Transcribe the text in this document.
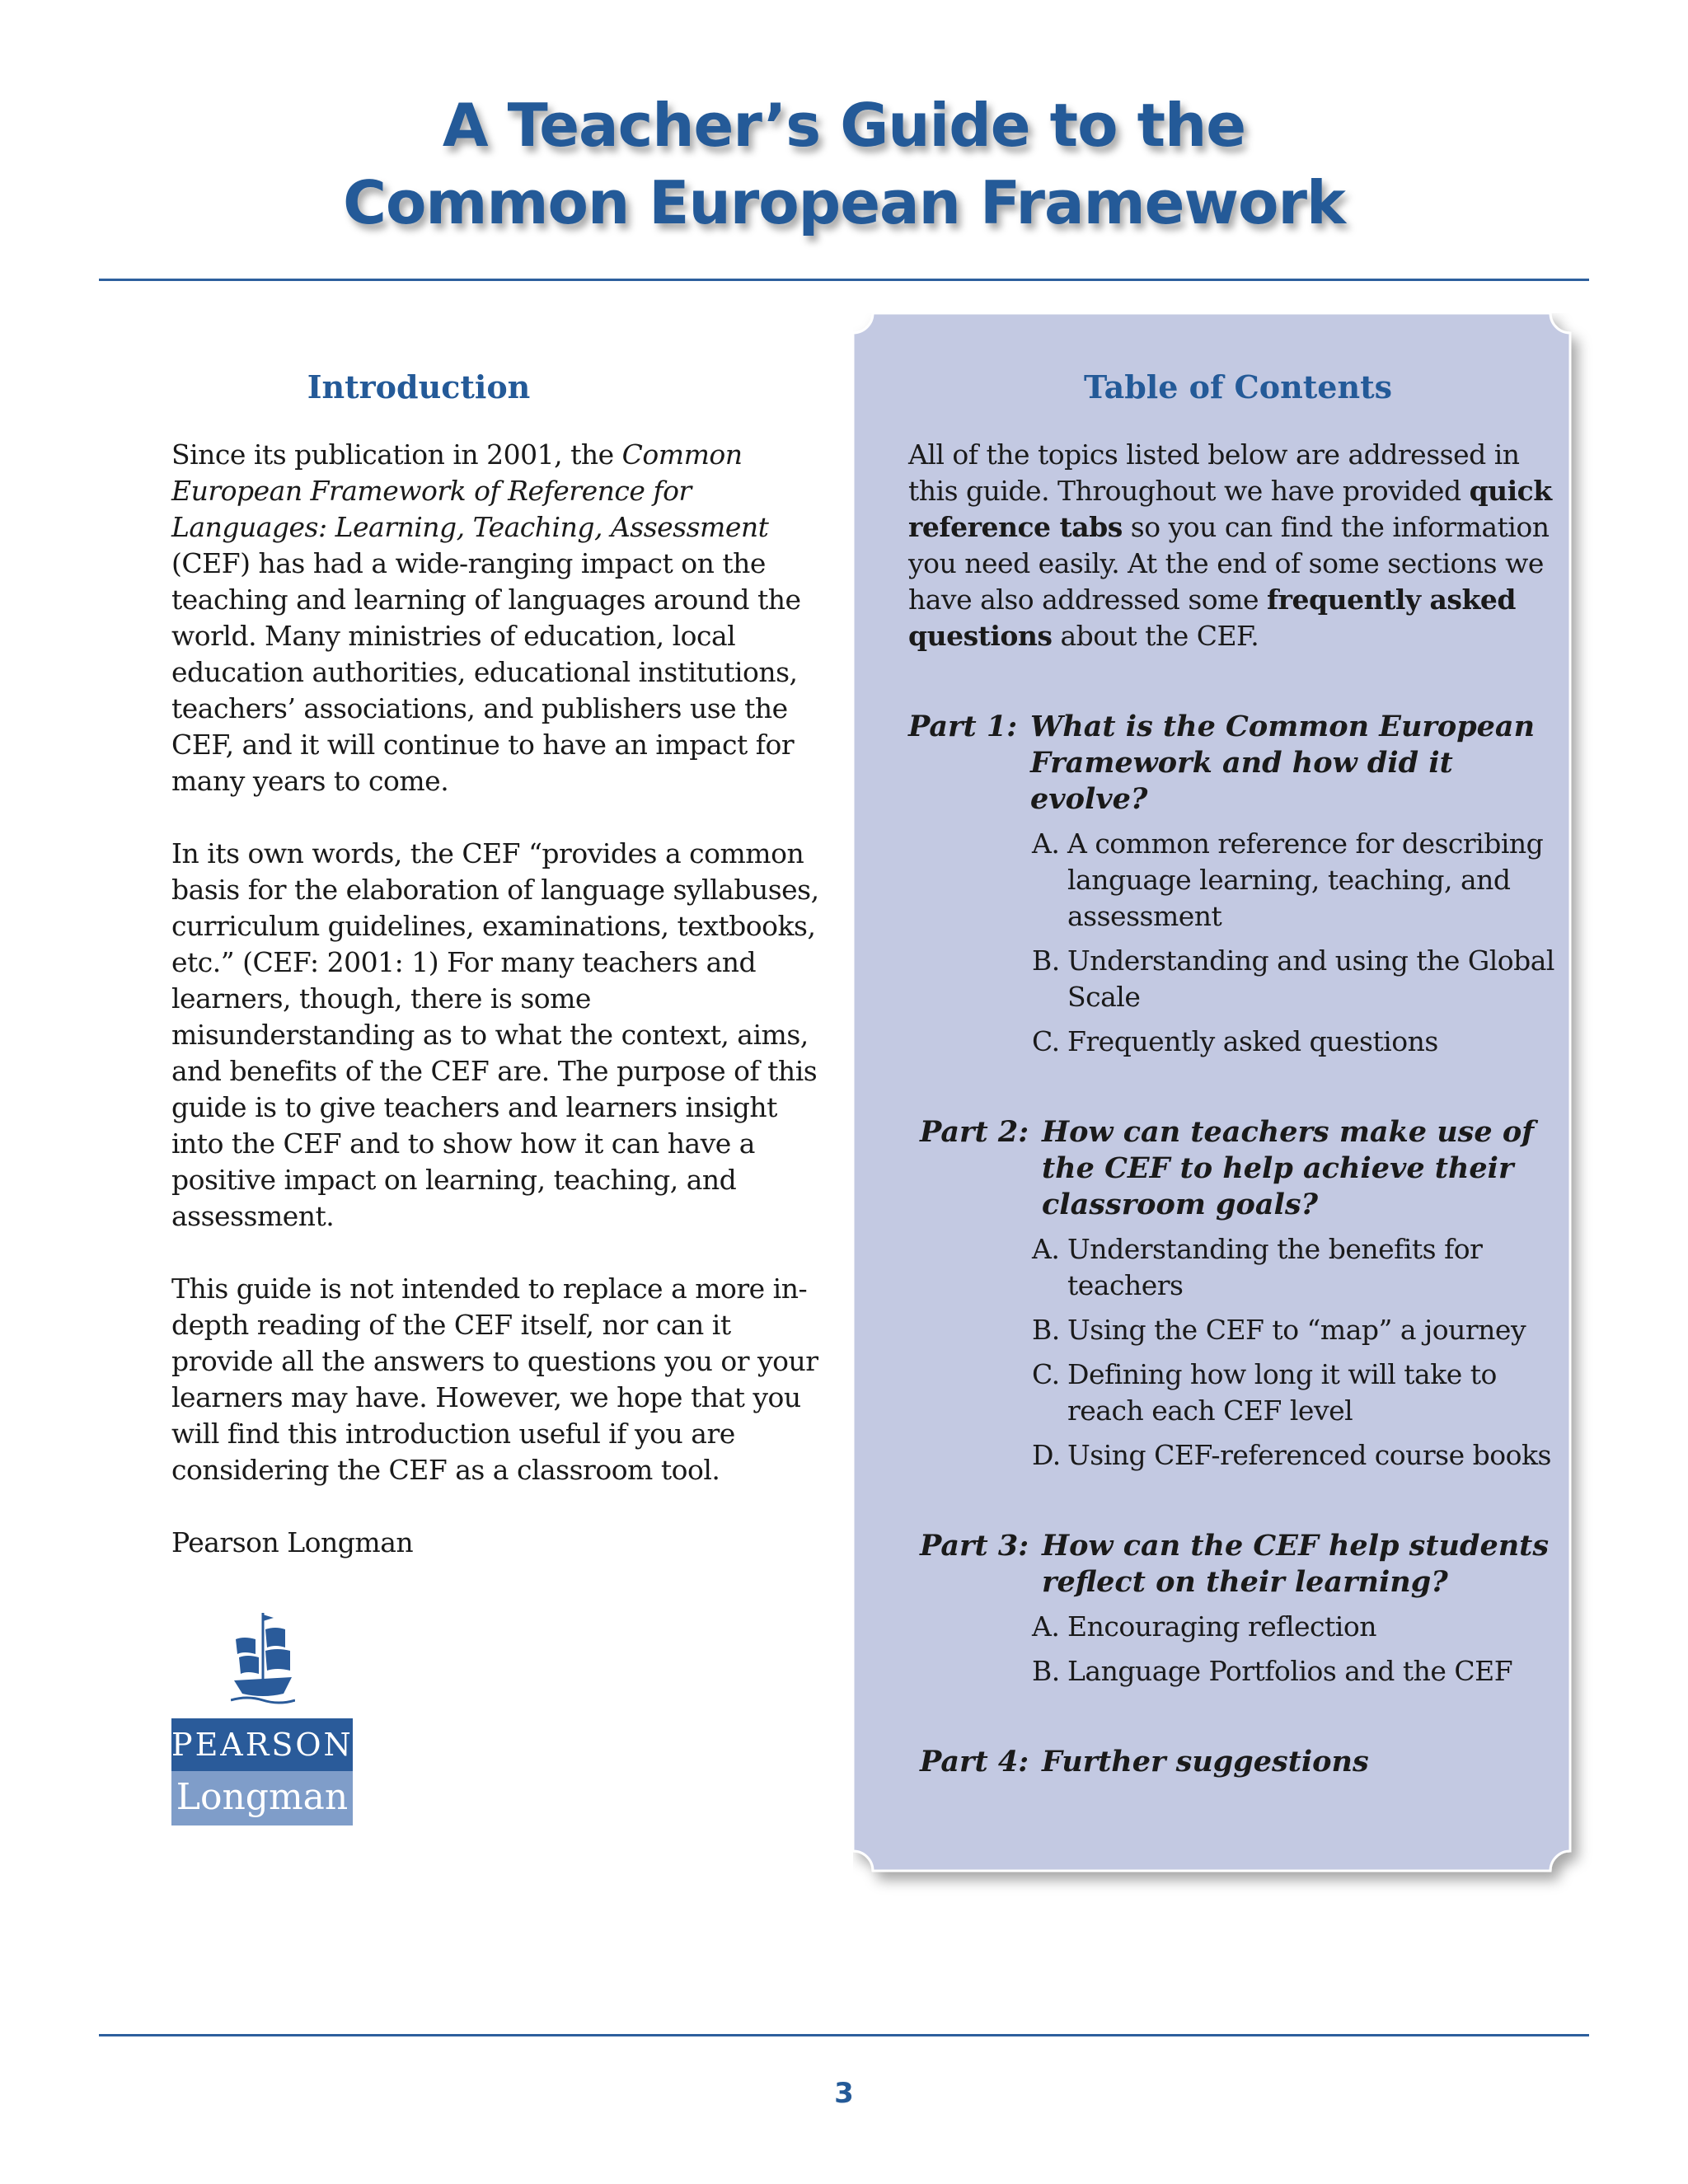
A Teacher’s Guide to the
Common European Framework
Introduction

Since its publication in 2001, the Common European Framework of Reference for Languages: Learning, Teaching, Assessment (CEF) has had a wide-ranging impact on the teaching and learning of languages around the world. Many ministries of education, local education authorities, educational institutions, teachers’ associations, and publishers use the CEF, and it will continue to have an impact for many years to come.

In its own words, the CEF “provides a common basis for the elaboration of language syllabuses, curriculum guidelines, examinations, textbooks, etc.” (CEF: 2001: 1) For many teachers and learners, though, there is some misunderstanding as to what the context, aims, and benefits of the CEF are. The purpose of this guide is to give teachers and learners insight into the CEF and to show how it can have a positive impact on learning, teaching, and assessment.

This guide is not intended to replace a more in-depth reading of the CEF itself, nor can it provide all the answers to questions you or your learners may have. However, we hope that you will find this introduction useful if you are considering the CEF as a classroom tool.

Pearson Longman

PEARSON
Longman
Table of Contents

All of the topics listed below are addressed in this guide. Throughout we have provided quick reference tabs so you can find the information you need easily. At the end of some sections we have also addressed some frequently asked questions about the CEF.

Part 1: What is the Common European Framework and how did it evolve?

A. A common reference for describing language learning, teaching, and assessment

B. Understanding and using the Global Scale

C. Frequently asked questions

Part 2: How can teachers make use of the CEF to help achieve their classroom goals?

A. Understanding the benefits for teachers

B. Using the CEF to “map” a journey

C. Defining how long it will take to reach each CEF level

D. Using CEF-referenced course books

Part 3: How can the CEF help students reflect on their learning?

A. Encouraging reflection

B. Language Portfolios and the CEF

Part 4: Further suggestions

3
